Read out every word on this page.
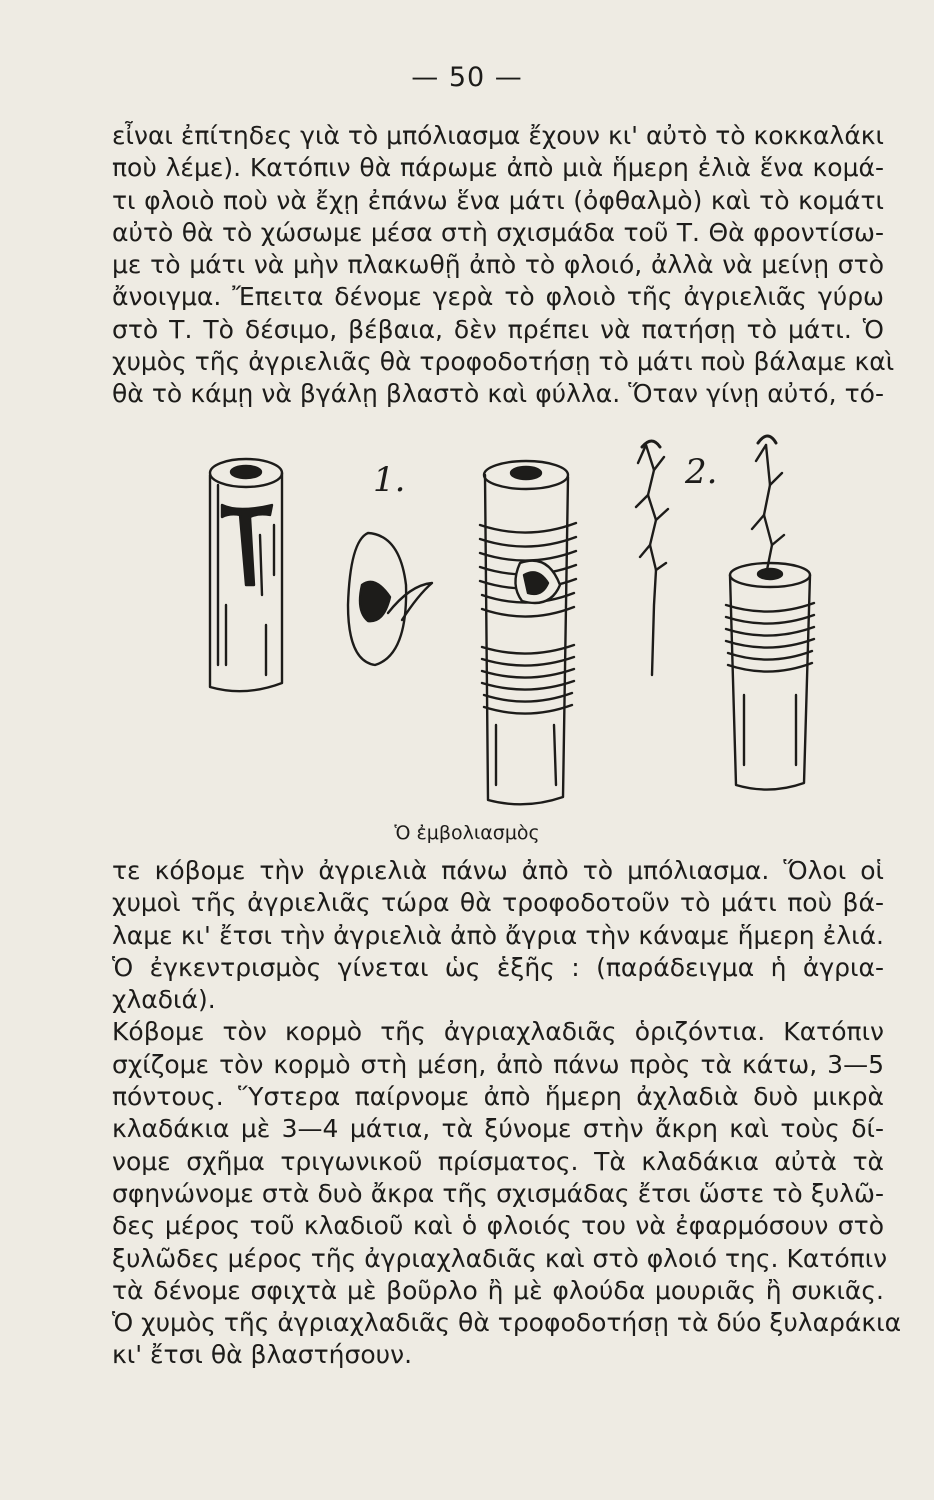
— 50 —
εἶναι ἐπίτηδες γιὰ τὸ μπόλιασμα ἔχουν κι' αὐτὸ τὸ κοκκαλάκι
ποὺ λέμε). Κατόπιν θὰ πάρωμε ἀπὸ μιὰ ἥμερη ἐλιὰ ἕνα κομά-
τι φλοιὸ ποὺ νὰ ἔχῃ ἐπάνω ἕνα μάτι (ὀφθαλμὸ) καὶ τὸ κομάτι
αὐτὸ θὰ τὸ χώσωμε μέσα στὴ σχισμάδα τοῦ Τ. Θὰ φροντίσω-
με τὸ μάτι νὰ μὴν πλακωθῇ ἀπὸ τὸ φλοιό, ἀλλὰ νὰ μείνῃ στὸ
ἄνοιγμα. Ἔπειτα δένομε γερὰ τὸ φλοιὸ τῆς ἀγριελιᾶς γύρω
στὸ Τ. Τὸ δέσιμο, βέβαια, δὲν πρέπει νὰ πατήσῃ τὸ μάτι. Ὁ
χυμὸς τῆς ἀγριελιᾶς θὰ τροφοδοτήσῃ τὸ μάτι ποὺ βάλαμε καὶ
θὰ τὸ κάμῃ νὰ βγάλῃ βλαστὸ καὶ φύλλα. Ὅταν γίνῃ αὐτό, τό-
1.	2.
Ὁ ἐμβολιασμὸς
τε κόβομε τὴν ἀγριελιὰ πάνω ἀπὸ τὸ μπόλιασμα. Ὅλοι οἱ
χυμοὶ τῆς ἀγριελιᾶς τώρα θὰ τροφοδοτοῦν τὸ μάτι ποὺ βά-
λαμε κι' ἔτσι τὴν ἀγριελιὰ ἀπὸ ἄγρια τὴν κάναμε ἥμερη ἐλιά.
Ὁ ἐγκεντρισμὸς γίνεται ὡς ἑξῆς : (παράδειγμα ἡ ἀγρια-
χλαδιά).
Κόβομε τὸν κορμὸ τῆς ἀγριαχλαδιᾶς ὁριζόντια. Κατόπιν
σχίζομε τὸν κορμὸ στὴ μέση, ἀπὸ πάνω πρὸς τὰ κάτω, 3—5
πόντους. Ὕστερα παίρνομε ἀπὸ ἥμερη ἀχλαδιὰ δυὸ μικρὰ
κλαδάκια μὲ 3—4 μάτια, τὰ ξύνομε στὴν ἄκρη καὶ τοὺς δί-
νομε σχῆμα τριγωνικοῦ πρίσματος. Τὰ κλαδάκια αὐτὰ τὰ
σφηνώνομε στὰ δυὸ ἄκρα τῆς σχισμάδας ἔτσι ὥστε τὸ ξυλῶ-
δες μέρος τοῦ κλαδιοῦ καὶ ὁ φλοιός του νὰ ἐφαρμόσουν στὸ
ξυλῶδες μέρος τῆς ἀγριαχλαδιᾶς καὶ στὸ φλοιό της. Κατόπιν
τὰ δένομε σφιχτὰ μὲ βοῦρλο ἢ μὲ φλούδα μουριᾶς ἢ συκιᾶς.
Ὁ χυμὸς τῆς ἀγριαχλαδιᾶς θὰ τροφοδοτήσῃ τὰ δύο ξυλαράκια
κι' ἔτσι θὰ βλαστήσουν.
